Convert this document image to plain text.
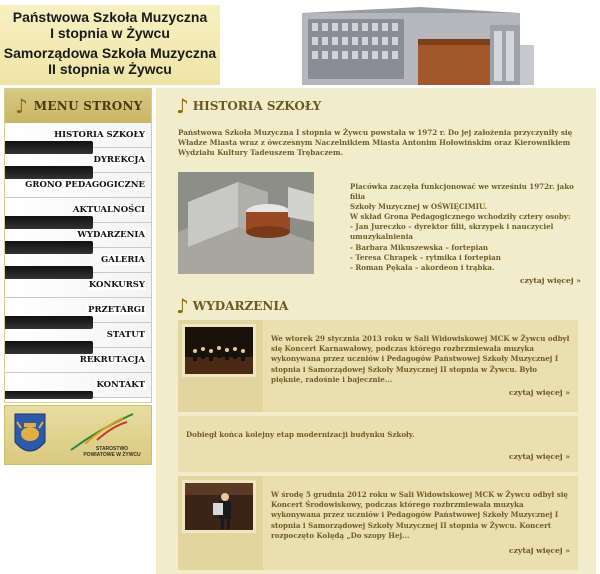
Państwowa Szkoła Muzyczna
I stopnia w Żywcu
Samorządowa Szkoła Muzyczna
II stopnia w Żywcu
♪ MENU STRONY
HISTORIA SZKOŁY
DYREKCJA
GRONO PEDAGOGICZNE
AKTUALNOŚCI
WYDARZENIA
GALERIA
KONKURSY
PRZETARGI
STATUT
REKRUTACJA
KONTAKT
STAROSTWO
POWIATOWE W ŻYWCU
♪ HISTORIA SZKOŁY

Państwowa Szkoła Muzyczna I stopnia w Żywcu powstała w 1972 r. Do jej założenia przyczyniły się Władze Miasta wraz z ówczesnym Naczelnikiem Miasta Antonim Hołowińskim oraz Kierownikiem Wydziału Kultury Tadeuszem Trębaczem.

Placówka zaczęła funkcjonować we wrześniu 1972r. jako filia
Szkoły Muzycznej w OŚWIĘCIMIU.
W skład Grona Pedagogicznego wchodziły cztery osoby:
- Jan Jureczko – dyrektor filii, skrzypek i nauczyciel
umuzykalnienia
- Barbara Mikuszewska – fortepian
- Teresa Chrapek – rytmika i fortepian
- Roman Pękala – akordeon i trąbka.
czytaj więcej »
♪ WYDARZENIA

We wtorek 29 stycznia 2013 roku w Sali Widowiskowej MCK w Żywcu odbył się Koncert Karnawałowy, podczas którego rozbrzmiewała muzyka wykonywana przez uczniów i Pedagogów Państwowej Szkoły Muzycznej I stopnia i Samorządowej Szkoły Muzycznej II stopnia w Żywcu. Było pięknie, radośnie i bajecznie...

czytaj więcej »

Dobiegł końca kolejny etap modernizacji budynku Szkoły.

czytaj więcej »

W środę 5 grudnia 2012 roku w Sali Widowiskowej MCK w Żywcu odbył się Koncert Środowiskowy, podczas którego rozbrzmiewała muzyka wykonywana przez uczniów i Pedagogów Państwowej Szkoły Muzycznej I stopnia i Samorządowej Szkoły Muzycznej II stopnia w Żywcu. Koncert rozpoczęto Kolędą „Do szopy Hej...

czytaj więcej »
